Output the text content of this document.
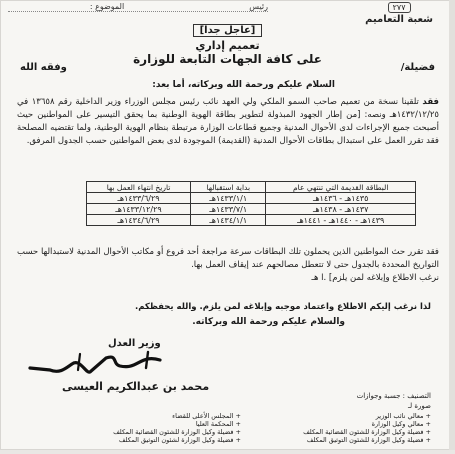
٢٧٧
شعبة التعاميم
رئيس  الموضوع :
[عاجل جدا]
تعميم إداري
على كافة الجهات التابعة للوزارة
فضيلة/
وفقه الله
السلام عليكم ورحمة الله وبركاته، أما بعد:
فقد تلقينا نسخة من تعميم صاحب السمو الملكي ولي العهد نائب رئيس مجلس الوزراء وزير الداخلية رقم ١٣٦٥٨ في ١٤٣٢/١٢/٢٥هـ ونصه: [من إطار الجهود المبذولة لتطوير بطاقة الهوية الوطنية بما يحقق التيسير على المواطنين حيث أصبحت جميع الإجراءات لدى الأحوال المدنية وجميع قطاعات الوزارة مرتبطة بنظام الهوية الوطنية، ولما تقتضيه المصلحة فقد تقرر العمل على استبدال بطاقات الأحوال المدنية (القديمة) الموجودة لدى بعض المواطنين حسب الجدول المرفق.
البطاقة القديمة التي تنتهي عام	بداية استقبالها	تاريخ انتهاء العمل بها
١٤٣٥هـ - ١٤٣٦هـ	١٤٣٣/١/١هـ	١٤٣٣/٦/٢٩هـ
١٤٣٧هـ - ١٤٣٨هـ	١٤٣٣/٧/١هـ	١٤٣٣/١٢/٢٩هـ
١٤٣٩هـ - ١٤٤٠هـ - ١٤٤١هـ	١٤٣٤/١/١هـ	١٤٣٤/٦/٢٩هـ
فقد تقرر حث المواطنين الذين يحملون تلك البطاقات سرعة مراجعة أحد فروع أو مكاتب الأحوال المدنية لاستبدالها حسب التواريخ المحددة بالجدول حتى لا تتعطل مصالحهم عند إيقاف العمل بها.
نرغب الاطلاع وإبلاغه لمن يلزم] .ا هـ
لذا نرغب إليكم الاطلاع واعتماد موجبه وإبلاغه لمن يلزم. والله يحفظكم.
والسلام عليكم ورحمة الله وبركاته.
وزير العدل
محمد بن عبدالكريم العيسى
التصنيف : جسبة وجوازات
صورة لـ
+ معالي نائب الوزير
+ معالي وكيل الوزارة
+ فضيلة وكيل الوزارة للشئون القضائية المكلف
+ فضيلة وكيل الوزارة للشئون التوثيق المكلف
+ المجلس الأعلى للقضاء
+ المحكمة العليا
+ فضيلة وكيل الوزارة للشئون القضائية المكلف
+ فضيلة وكيل الوزارة لشئون التوثيق المكلف
